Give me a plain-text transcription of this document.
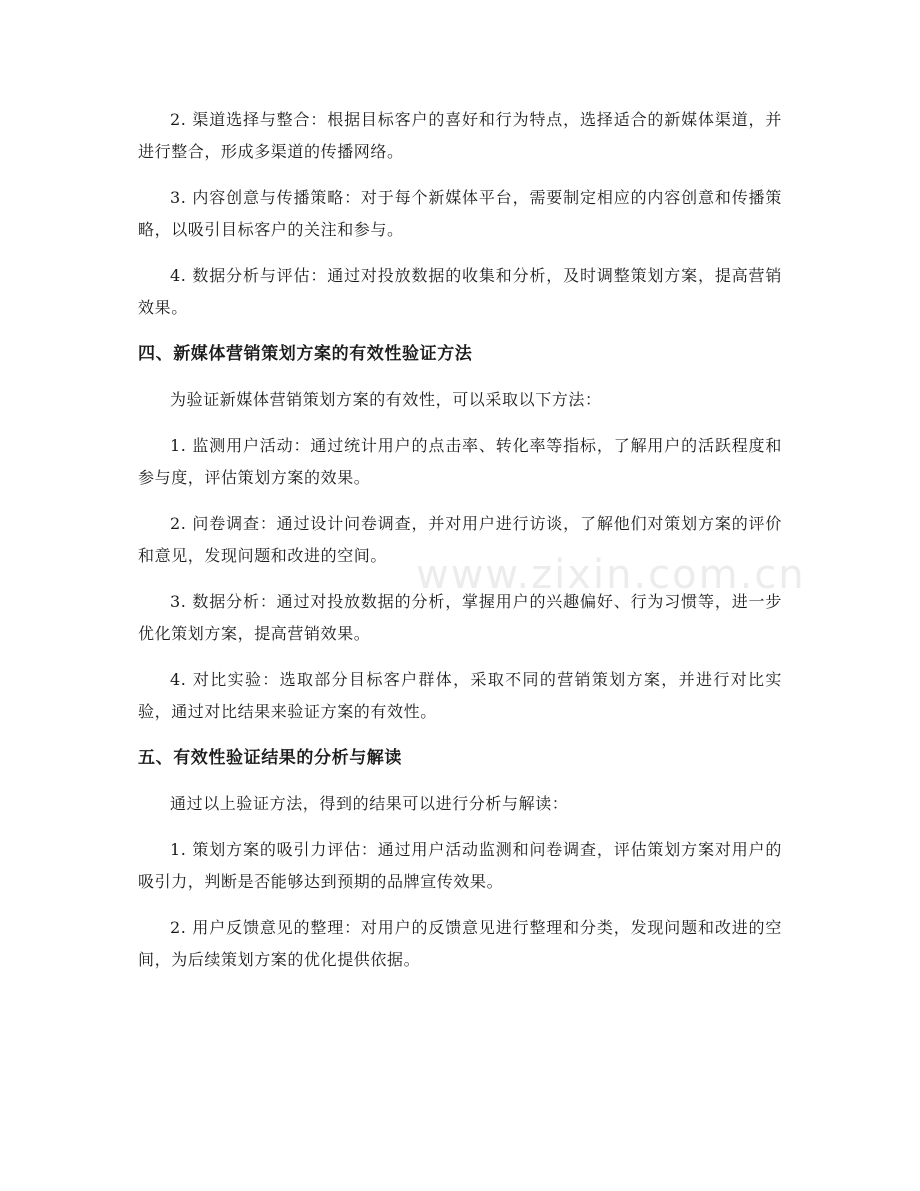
2. 渠道选择与整合：根据目标客户的喜好和行为特点，选择适合的新媒体渠道，并进行整合，形成多渠道的传播网络。

3. 内容创意与传播策略：对于每个新媒体平台，需要制定相应的内容创意和传播策略，以吸引目标客户的关注和参与。

4. 数据分析与评估：通过对投放数据的收集和分析，及时调整策划方案，提高营销效果。

四、新媒体营销策划方案的有效性验证方法

为验证新媒体营销策划方案的有效性，可以采取以下方法：

1. 监测用户活动：通过统计用户的点击率、转化率等指标，了解用户的活跃程度和参与度，评估策划方案的效果。

2. 问卷调查：通过设计问卷调查，并对用户进行访谈，了解他们对策划方案的评价和意见，发现问题和改进的空间。

3. 数据分析：通过对投放数据的分析，掌握用户的兴趣偏好、行为习惯等，进一步优化策划方案，提高营销效果。

4. 对比实验：选取部分目标客户群体，采取不同的营销策划方案，并进行对比实验，通过对比结果来验证方案的有效性。

五、有效性验证结果的分析与解读

通过以上验证方法，得到的结果可以进行分析与解读：

1. 策划方案的吸引力评估：通过用户活动监测和问卷调查，评估策划方案对用户的吸引力，判断是否能够达到预期的品牌宣传效果。

2. 用户反馈意见的整理：对用户的反馈意见进行整理和分类，发现问题和改进的空间，为后续策划方案的优化提供依据。

www.zixin.com.cn
